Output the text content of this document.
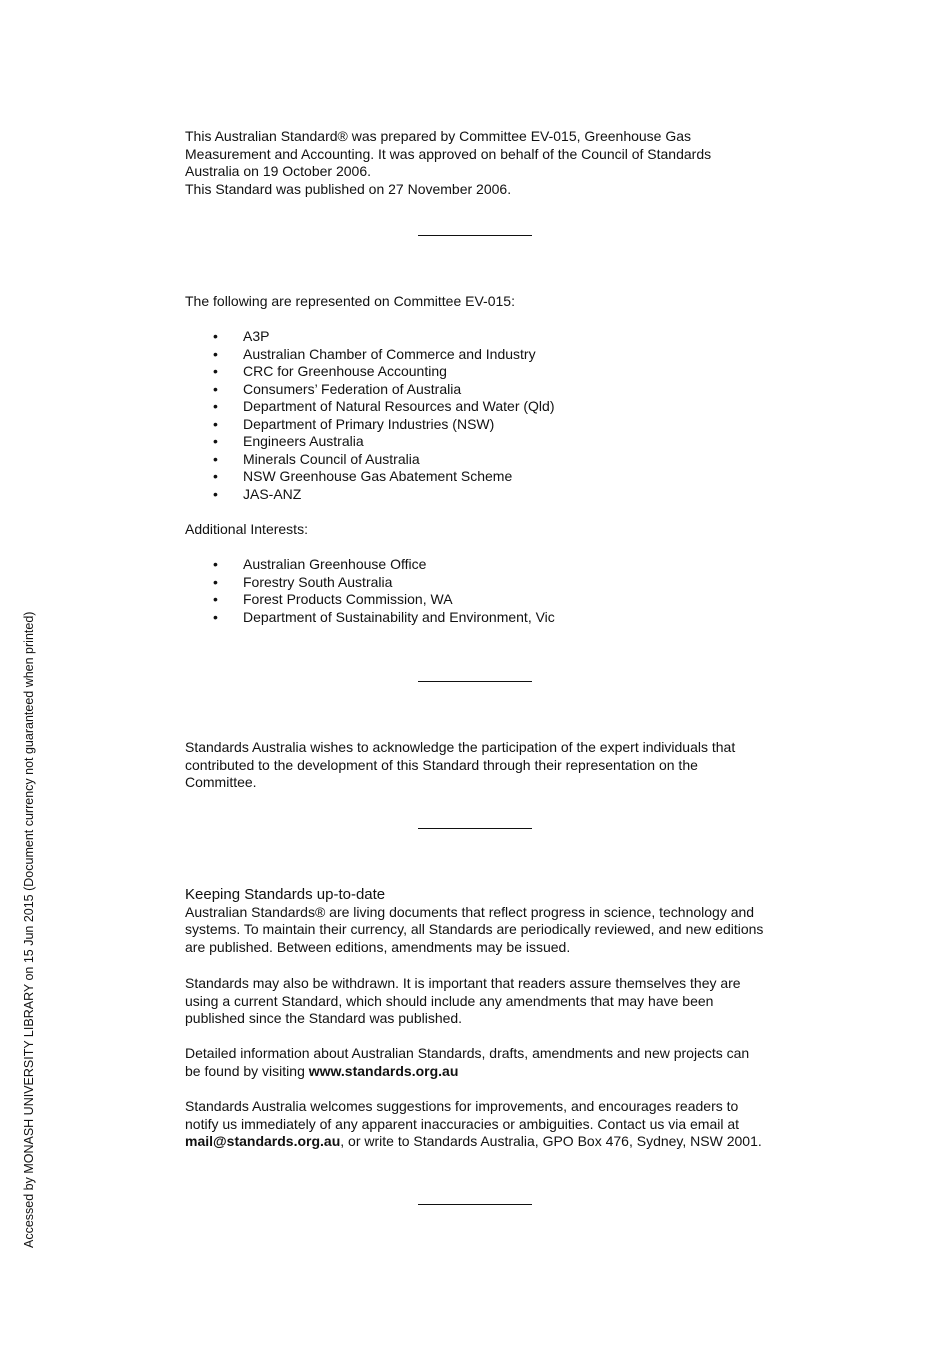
This Australian Standard® was prepared by Committee EV-015, Greenhouse Gas
Measurement and Accounting. It was approved on behalf of the Council of Standards
Australia on 19 October 2006.
This Standard was published on 27 November 2006.
The following are represented on Committee EV-015:
• A3P
• Australian Chamber of Commerce and Industry
• CRC for Greenhouse Accounting
• Consumers’ Federation of Australia
• Department of Natural Resources and Water (Qld)
• Department of Primary Industries (NSW)
• Engineers Australia
• Minerals Council of Australia
• NSW Greenhouse Gas Abatement Scheme
• JAS-ANZ
Additional Interests:
• Australian Greenhouse Office
• Forestry South Australia
• Forest Products Commission, WA
• Department of Sustainability and Environment, Vic
Standards Australia wishes to acknowledge the participation of the expert individuals that
contributed to the development of this Standard through their representation on the
Committee.
Keeping Standards up-to-date
Australian Standards® are living documents that reflect progress in science, technology and
systems. To maintain their currency, all Standards are periodically reviewed, and new editions
are published. Between editions, amendments may be issued.
Standards may also be withdrawn. It is important that readers assure themselves they are
using a current Standard, which should include any amendments that may have been
published since the Standard was published.
Detailed information about Australian Standards, drafts, amendments and new projects can
be found by visiting www.standards.org.au
Standards Australia welcomes suggestions for improvements, and encourages readers to
notify us immediately of any apparent inaccuracies or ambiguities. Contact us via email at
mail@standards.org.au, or write to Standards Australia, GPO Box 476, Sydney, NSW 2001.
Accessed by MONASH UNIVERSITY LIBRARY on 15 Jun 2015 (Document currency not guaranteed when printed)
